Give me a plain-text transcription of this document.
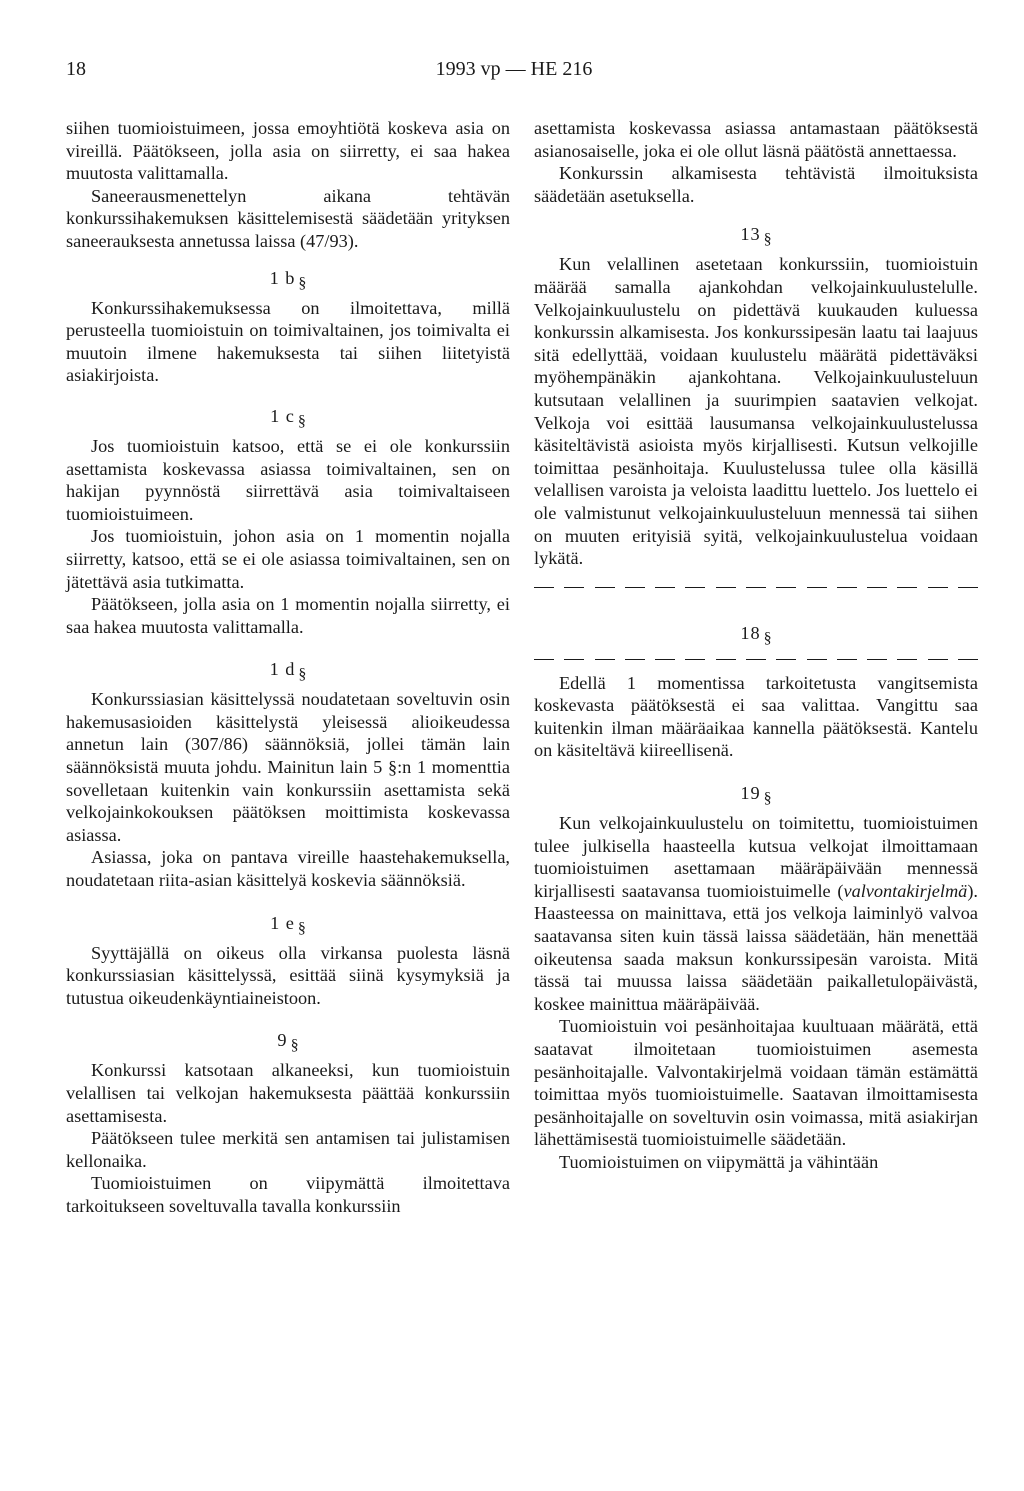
18	1993 vp — HE 216

siihen tuomioistuimeen, jossa emoyhtiötä koskeva asia on vireillä. Päätökseen, jolla asia on siirretty, ei saa hakea muutosta valittamalla.

Saneerausmenettelyn aikana tehtävän konkurssihakemuksen käsittelemisestä säädetään yrityksen saneerauksesta annetussa laissa (47/93).

1 b §

Konkurssihakemuksessa on ilmoitettava, millä perusteella tuomioistuin on toimivaltainen, jos toimivalta ei muutoin ilmene hakemuksesta tai siihen liitetyistä asiakirjoista.

1 c §

Jos tuomioistuin katsoo, että se ei ole konkurssiin asettamista koskevassa asiassa toimivaltainen, sen on hakijan pyynnöstä siirrettävä asia toimivaltaiseen tuomioistuimeen.

Jos tuomioistuin, johon asia on 1 momentin nojalla siirretty, katsoo, että se ei ole asiassa toimivaltainen, sen on jätettävä asia tutkimatta.

Päätökseen, jolla asia on 1 momentin nojalla siirretty, ei saa hakea muutosta valittamalla.

1 d §

Konkurssiasian käsittelyssä noudatetaan soveltuvin osin hakemusasioiden käsittelystä yleisessä alioikeudessa annetun lain (307/86) säännöksiä, jollei tämän lain säännöksistä muuta johdu. Mainitun lain 5 §:n 1 momenttia sovelletaan kuitenkin vain konkurssiin asettamista sekä velkojainkokouksen päätöksen moittimista koskevassa asiassa.

Asiassa, joka on pantava vireille haastehakemuksella, noudatetaan riita-asian käsittelyä koskevia säännöksiä.

1 e §

Syyttäjällä on oikeus olla virkansa puolesta läsnä konkurssiasian käsittelyssä, esittää siinä kysymyksiä ja tutustua oikeudenkäyntiaineistoon.

9 §

Konkurssi katsotaan alkaneeksi, kun tuomioistuin velallisen tai velkojan hakemuksesta päättää konkurssiin asettamisesta.

Päätökseen tulee merkitä sen antamisen tai julistamisen kellonaika.

Tuomioistuimen on viipymättä ilmoitettava tarkoitukseen soveltuvalla tavalla konkurssiin

asettamista koskevassa asiassa antamastaan päätöksestä asianosaiselle, joka ei ole ollut läsnä päätöstä annettaessa.

Konkurssin alkamisesta tehtävistä ilmoituksista säädetään asetuksella.

13 §

Kun velallinen asetetaan konkurssiin, tuomioistuin määrää samalla ajankohdan velkojainkuulustelulle. Velkojainkuulustelu on pidettävä kuukauden kuluessa konkurssin alkamisesta. Jos konkurssipesän laatu tai laajuus sitä edellyttää, voidaan kuulustelu määrätä pidettäväksi myöhempänäkin ajankohtana. Velkojainkuulusteluun kutsutaan velallinen ja suurimpien saatavien velkojat. Velkoja voi esittää lausumansa velkojainkuulustelussa käsiteltävistä asioista myös kirjallisesti. Kutsun velkojille toimittaa pesänhoitaja. Kuulustelussa tulee olla käsillä velallisen varoista ja veloista laadittu luettelo. Jos luettelo ei ole valmistunut velkojainkuulusteluun mennessä tai siihen on muuten erityisiä syitä, velkojainkuulustelua voidaan lykätä.

18 §

Edellä 1 momentissa tarkoitetusta vangitsemista koskevasta päätöksestä ei saa valittaa. Vangittu saa kuitenkin ilman määräaikaa kannella päätöksestä. Kantelu on käsiteltävä kiireellisenä.

19 §

Kun velkojainkuulustelu on toimitettu, tuomioistuimen tulee julkisella haasteella kutsua velkojat ilmoittamaan tuomioistuimen asettamaan määräpäivään mennessä kirjallisesti saatavansa tuomioistuimelle (valvontakirjelmä). Haasteessa on mainittava, että jos velkoja laiminlyö valvoa saatavansa siten kuin tässä laissa säädetään, hän menettää oikeutensa saada maksun konkurssipesän varoista. Mitä tässä tai muussa laissa säädetään paikalletulopäivästä, koskee mainittua määräpäivää.

Tuomioistuin voi pesänhoitajaa kuultuaan määrätä, että saatavat ilmoitetaan tuomioistuimen asemesta pesänhoitajalle. Valvontakirjelmä voidaan tämän estämättä toimittaa myös tuomioistuimelle. Saatavan ilmoittamisesta pesänhoitajalle on soveltuvin osin voimassa, mitä asiakirjan lähettämisestä tuomioistuimelle säädetään.

Tuomioistuimen on viipymättä ja vähintään
